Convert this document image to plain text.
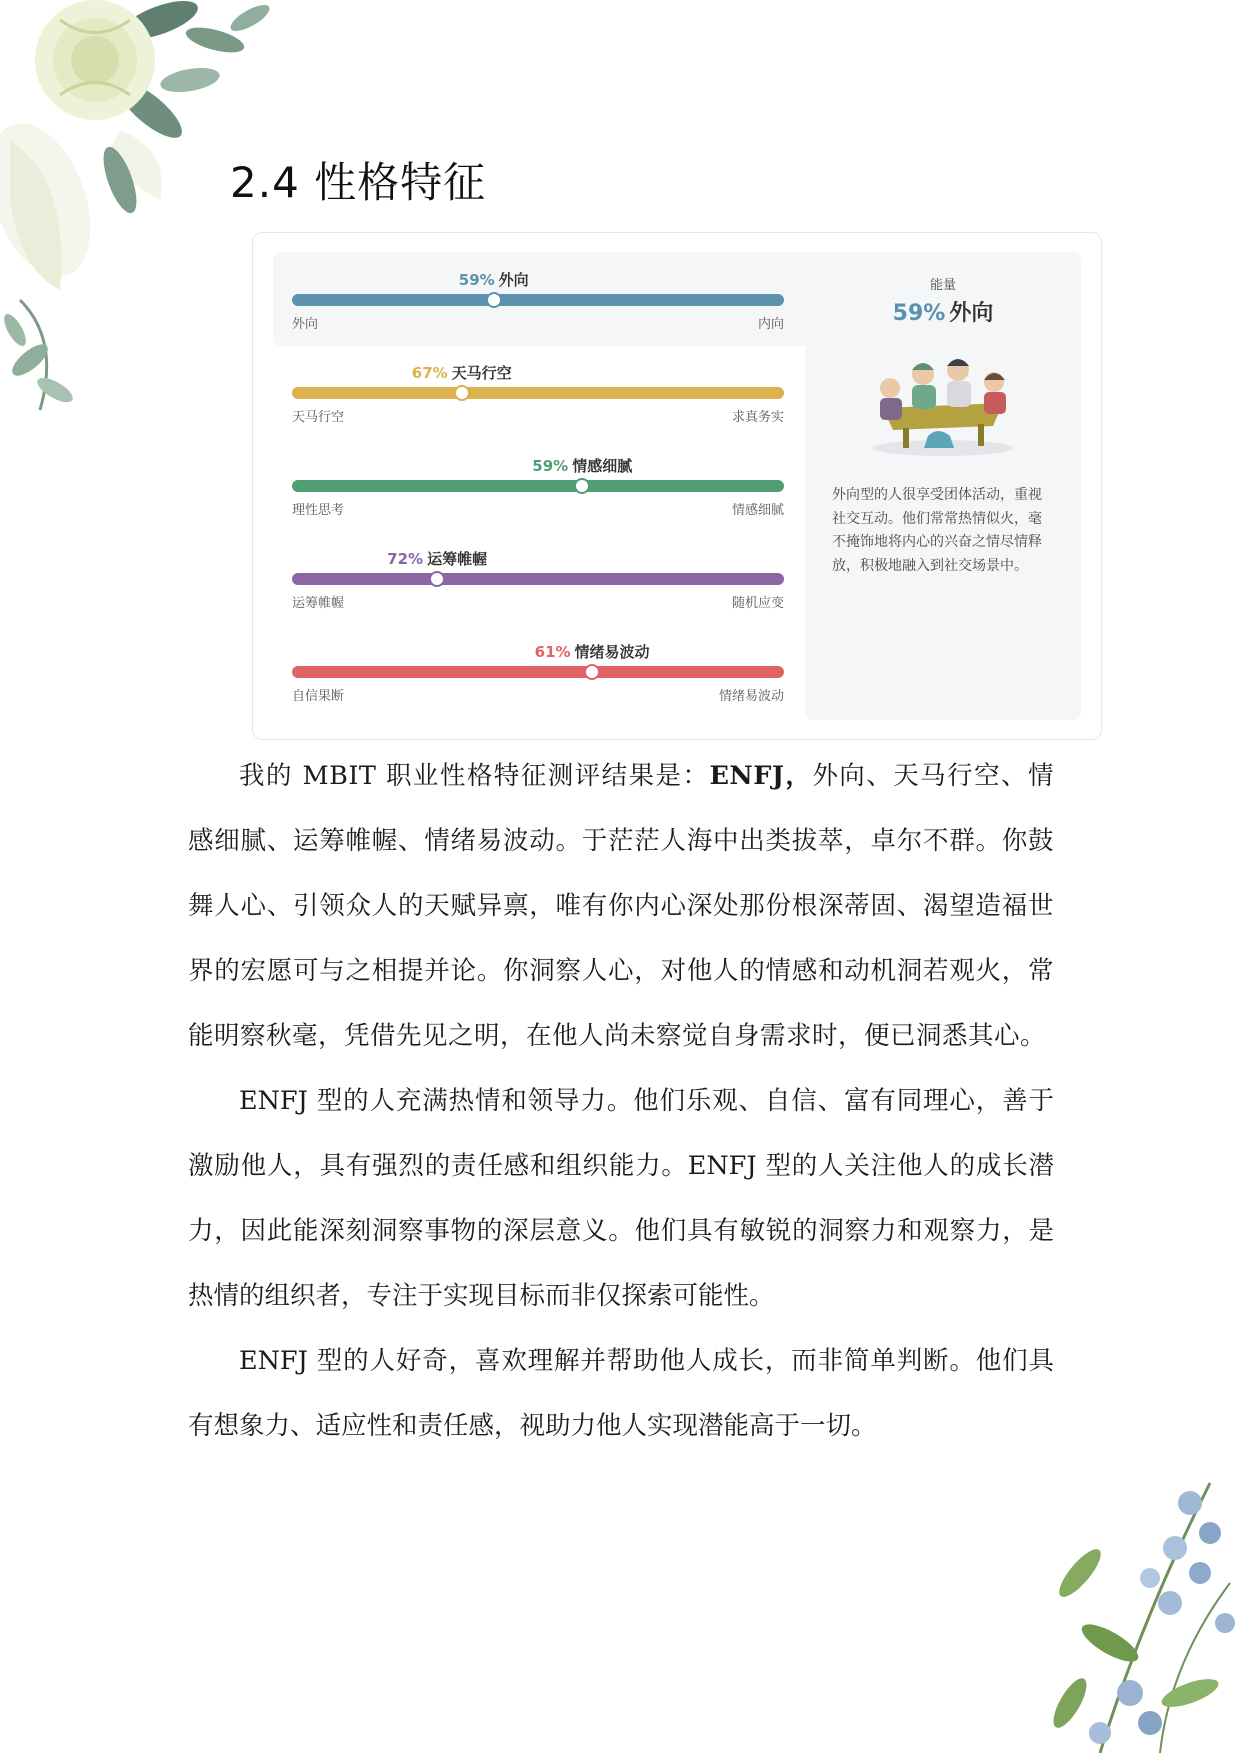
2.4 性格特征
59% 外向
外向	内向
67% 天马行空
天马行空	求真务实
59% 情感细腻
理性思考	情感细腻
72% 运筹帷幄
运筹帷幄	随机应变
61% 情绪易波动
自信果断	情绪易波动
能量
59% 外向
外向型的人很享受团体活动，重视社交互动。他们常常热情似火，毫不掩饰地将内心的兴奋之情尽情释放，积极地融入到社交场景中。

我的 MBIT 职业性格特征测评结果是：ENFJ，外向、天马行空、情感细腻、运筹帷幄、情绪易波动。于茫茫人海中出类拔萃，卓尔不群。你鼓舞人心、引领众人的天赋异禀，唯有你内心深处那份根深蒂固、渴望造福世界的宏愿可与之相提并论。你洞察人心，对他人的情感和动机洞若观火，常能明察秋毫，凭借先见之明，在他人尚未察觉自身需求时，便已洞悉其心。

ENFJ 型的人充满热情和领导力。他们乐观、自信、富有同理心，善于激励他人，具有强烈的责任感和组织能力。ENFJ 型的人关注他人的成长潜力，因此能深刻洞察事物的深层意义。他们具有敏锐的洞察力和观察力，是热情的组织者，专注于实现目标而非仅探索可能性。

ENFJ 型的人好奇，喜欢理解并帮助他人成长，而非简单判断。他们具有想象力、适应性和责任感，视助力他人实现潜能高于一切。
